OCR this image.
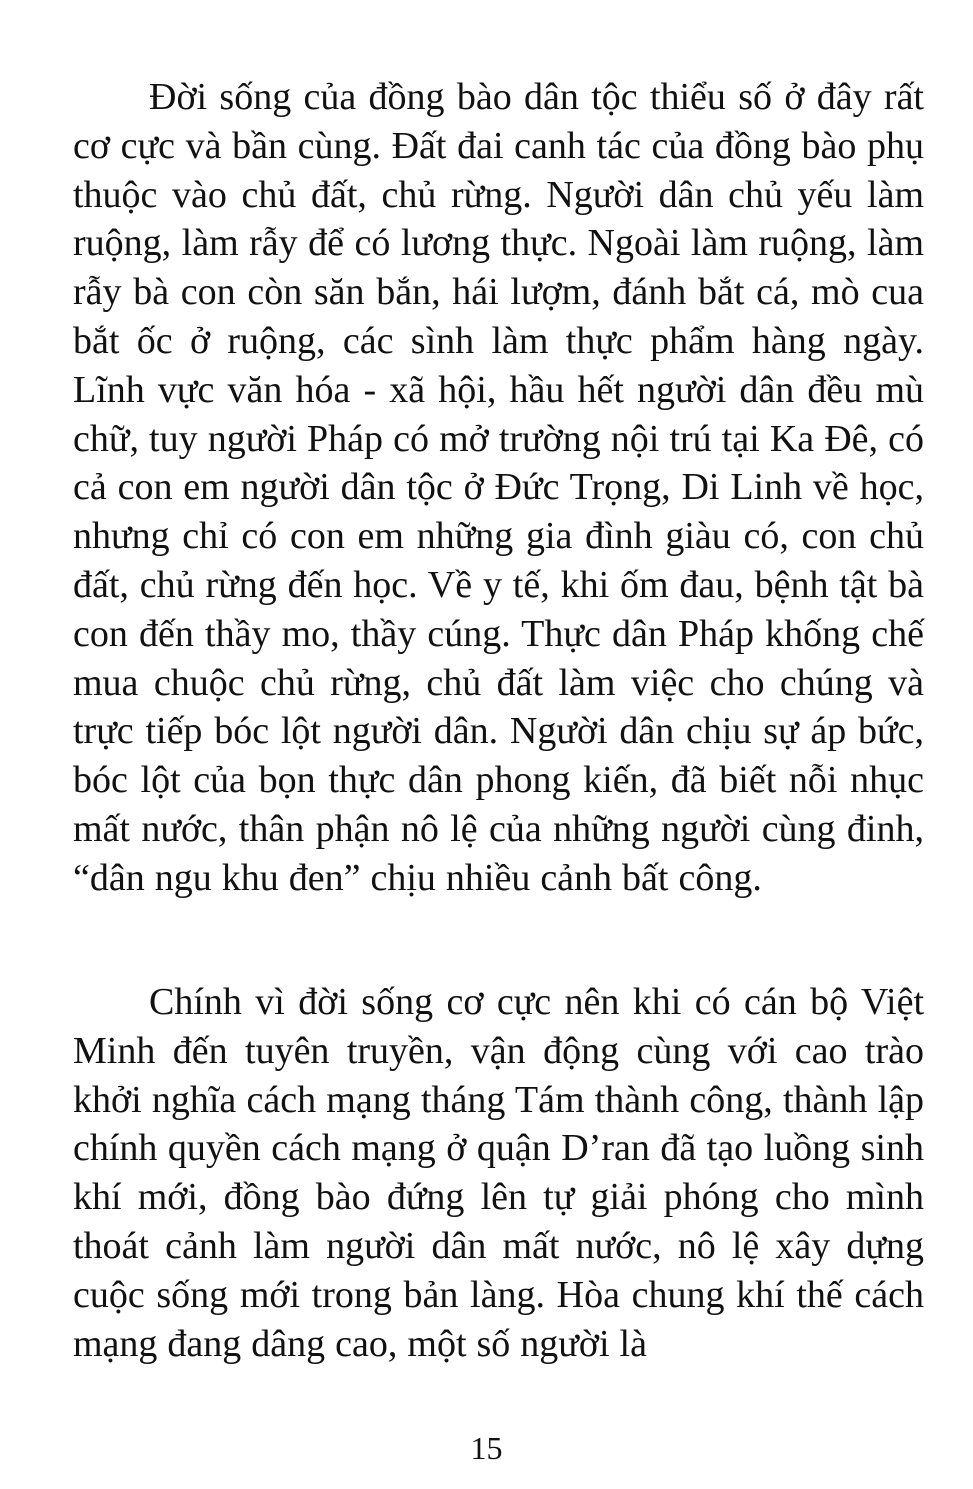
Đời sống của đồng bào dân tộc thiểu số ở đây rất cơ cực và bần cùng. Đất đai canh tác của đồng bào phụ thuộc vào chủ đất, chủ rừng. Người dân chủ yếu làm ruộng, làm rẫy để có lương thực. Ngoài làm ruộng, làm rẫy bà con còn săn bắn, hái lượm, đánh bắt cá, mò cua bắt ốc ở ruộng, các sình làm thực phẩm hàng ngày. Lĩnh vực văn hóa - xã hội, hầu hết người dân đều mù chữ, tuy người Pháp có mở trường nội trú tại Ka Đê, có cả con em người dân tộc ở Đức Trọng, Di Linh về học, nhưng chỉ có con em những gia đình giàu có, con chủ đất, chủ rừng đến học. Về y tế, khi ốm đau, bệnh tật bà con đến thầy mo, thầy cúng. Thực dân Pháp khống chế mua chuộc chủ rừng, chủ đất làm việc cho chúng và trực tiếp bóc lột người dân. Người dân chịu sự áp bức, bóc lột của bọn thực dân phong kiến, đã biết nỗi nhục mất nước, thân phận nô lệ của những người cùng đinh, “dân ngu khu đen” chịu nhiều cảnh bất công.

Chính vì đời sống cơ cực nên khi có cán bộ Việt Minh đến tuyên truyền, vận động cùng với cao trào khởi nghĩa cách mạng tháng Tám thành công, thành lập chính quyền cách mạng ở quận D’ran đã tạo luồng sinh khí mới, đồng bào đứng lên tự giải phóng cho mình thoát cảnh làm người dân mất nước, nô lệ xây dựng cuộc sống mới trong bản làng. Hòa chung khí thế cách mạng đang dâng cao, một số người là

15
